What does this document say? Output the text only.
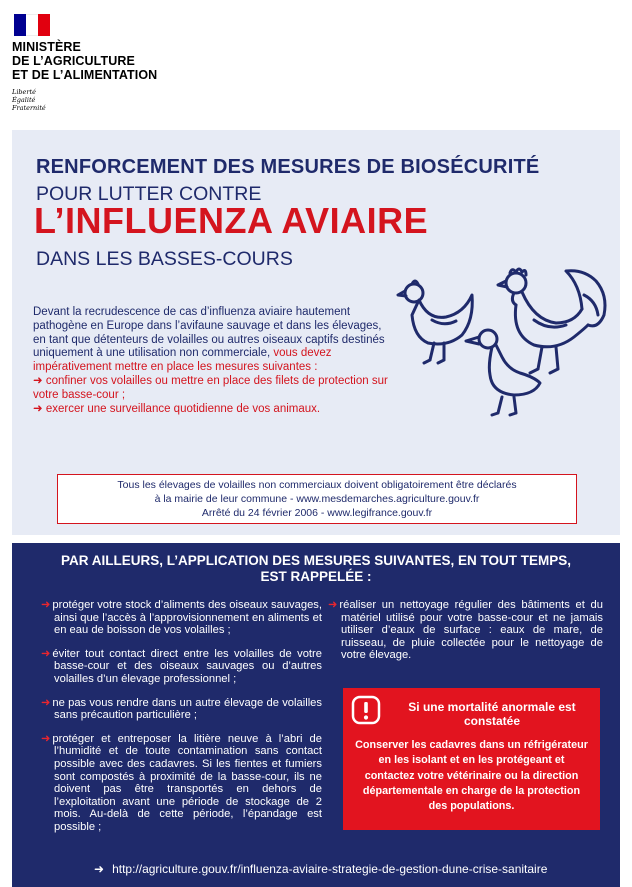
MINISTÈRE
DE L’AGRICULTURE
ET DE L’ALIMENTATION
Liberté
Égalité
Fraternité
RENFORCEMENT DES MESURES DE BIOSÉCURITÉ
POUR LUTTER CONTRE
L’INFLUENZA AVIAIRE
DANS LES BASSES-COURS
Devant la recrudescence de cas d’influenza aviaire hautement pathogène en Europe dans l’avifaune sauvage et dans les élevages, en tant que détenteurs de volailles ou autres oiseaux captifs destinés uniquement à une utilisation non commerciale, vous devez impérativement mettre en place les mesures suivantes :
➜ confiner vos volailles ou mettre en place des filets de protection sur votre basse-cour ;
➜ exercer une surveillance quotidienne de vos animaux.
Tous les élevages de volailles non commerciaux doivent obligatoirement être déclarés
à la mairie de leur commune - www.mesdemarches.agriculture.gouv.fr
Arrêté du 24 février 2006 - www.legifrance.gouv.fr
PAR AILLEURS, L’APPLICATION DES MESURES SUIVANTES, EN TOUT TEMPS,
EST RAPPELÉE :
➜ protéger votre stock d’aliments des oiseaux sauvages, ainsi que l’accès à l’approvisionnement en aliments et en eau de boisson de vos volailles ;
➜ éviter tout contact direct entre les volailles de votre basse-cour et des oiseaux sauvages ou d’autres volailles d’un élevage professionnel ;
➜ ne pas vous rendre dans un autre élevage de volailles sans précaution particulière ;
➜ protéger et entreposer la litière neuve à l’abri de l’humidité et de toute contamination sans contact possible avec des cadavres. Si les fientes et fumiers sont compostés à proximité de la basse-cour, ils ne doivent pas être transportés en dehors de l’exploitation avant une période de stockage de 2 mois. Au-delà de cette période, l’épandage est possible ;
➜ réaliser un nettoyage régulier des bâtiments et du matériel utilisé pour votre basse-cour et ne jamais utiliser d’eaux de surface : eaux de mare, de ruisseau, de pluie collectée pour le nettoyage de votre élevage.
Si une mortalité anormale est constatée
Conserver les cadavres dans un réfrigérateur en les isolant et en les protégeant et contactez votre vétérinaire ou la direction départementale en charge de la protection des populations.
➜ http://agriculture.gouv.fr/influenza-aviaire-strategie-de-gestion-dune-crise-sanitaire
